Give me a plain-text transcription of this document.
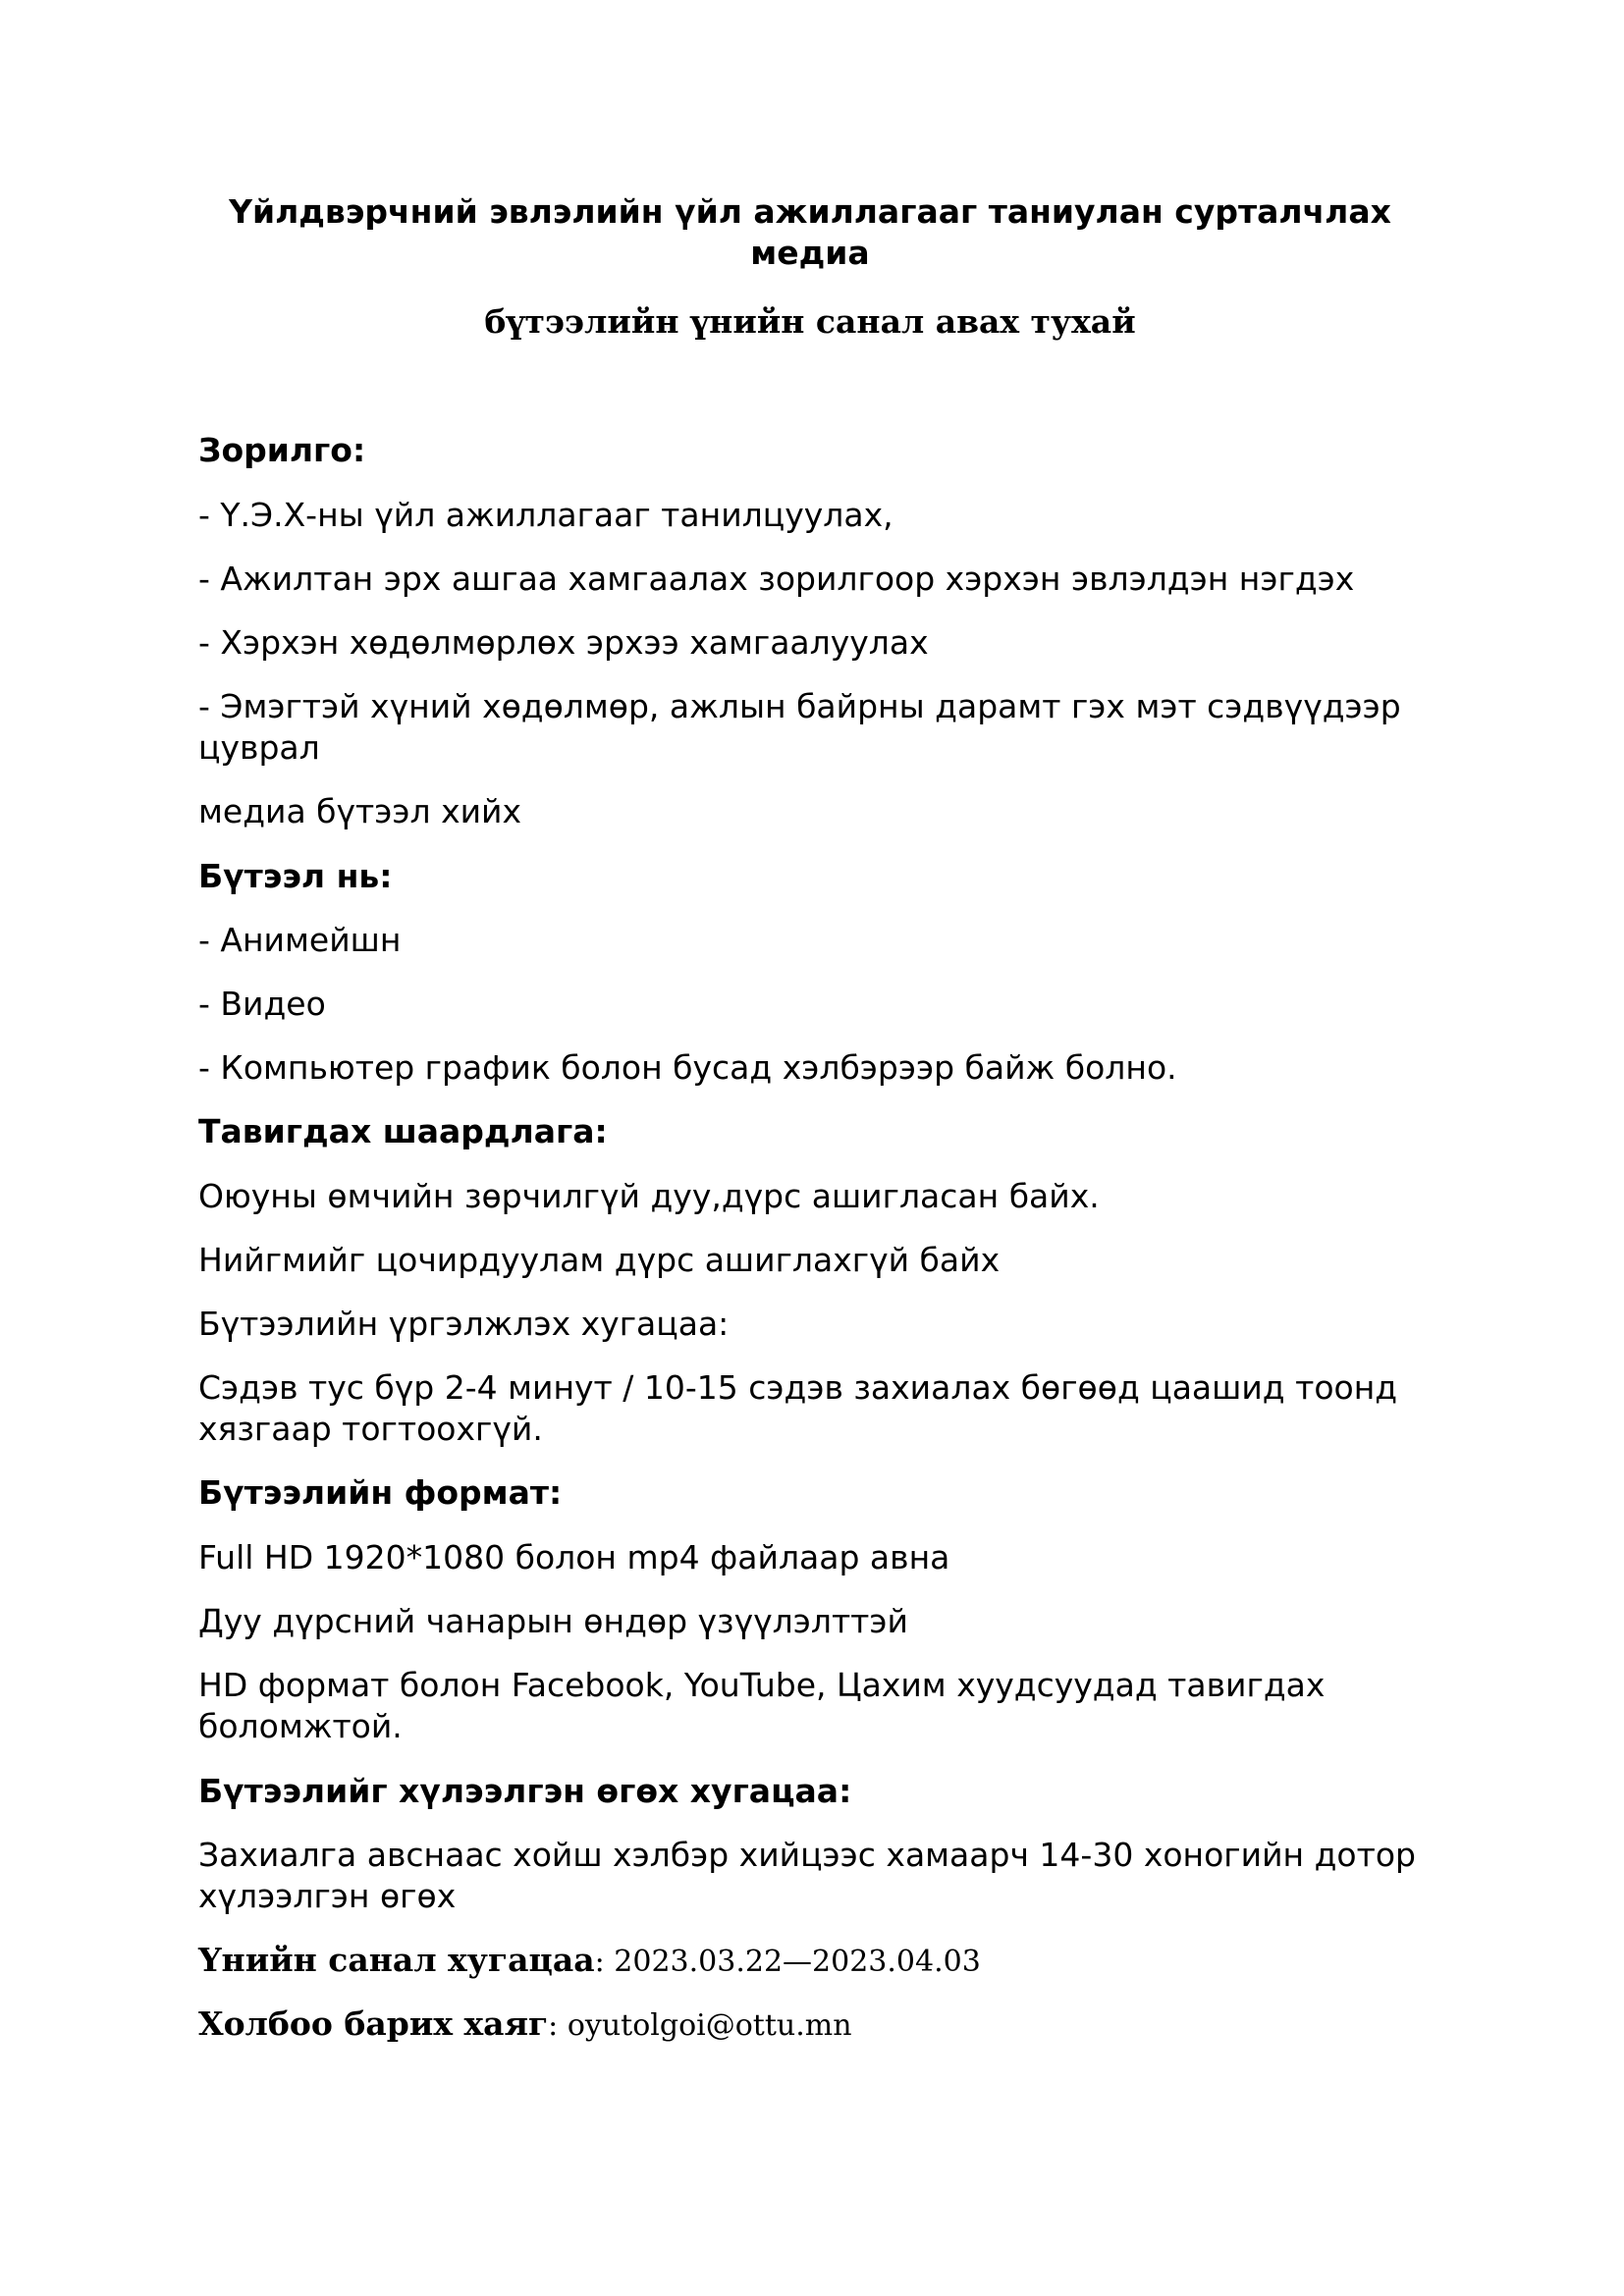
Үйлдвэрчний эвлэлийн үйл ажиллагааг таниулан сурталчлах медиа
бүтээлийн үнийн санал авах тухай
Зорилго:
- Ү.Э.Х-ны үйл ажиллагааг танилцуулах,
- Ажилтан эрх ашгаа хамгаалах зорилгоор хэрхэн эвлэлдэн нэгдэх
- Хэрхэн хөдөлмөрлөх эрхээ хамгаалуулах
- Эмэгтэй хүний хөдөлмөр, ажлын байрны дарамт гэх мэт сэдвүүдээр цуврал
медиа бүтээл хийх
Бүтээл нь:
- Анимейшн
- Видео
- Компьютер график болон бусад хэлбэрээр байж болно.
Тавигдах шаардлага:
Оюуны өмчийн зөрчилгүй дуу,дүрс ашигласан байх.
Нийгмийг цочирдуулам дүрс ашиглахгүй байх
Бүтээлийн үргэлжлэх хугацаа:
Сэдэв тус бүр 2-4 минут / 10-15 сэдэв захиалах бөгөөд цаашид тоонд хязгаар тогтоохгүй.
Бүтээлийн формат:
Full HD 1920*1080 болон mp4 файлаар авна
Дуу дүрсний чанарын өндөр үзүүлэлттэй
HD формат болон Facebook, YouTube, Цахим хуудсуудад тавигдах боломжтой.
Бүтээлийг хүлээлгэн өгөх хугацаа:
Захиалга авснаас хойш хэлбэр хийцээс хамаарч 14-30 хоногийн дотор хүлээлгэн өгөх
Үнийн санал хугацаа: 2023.03.22—2023.04.03
Холбоо барих хаяг: oyutolgoi@ottu.mn
